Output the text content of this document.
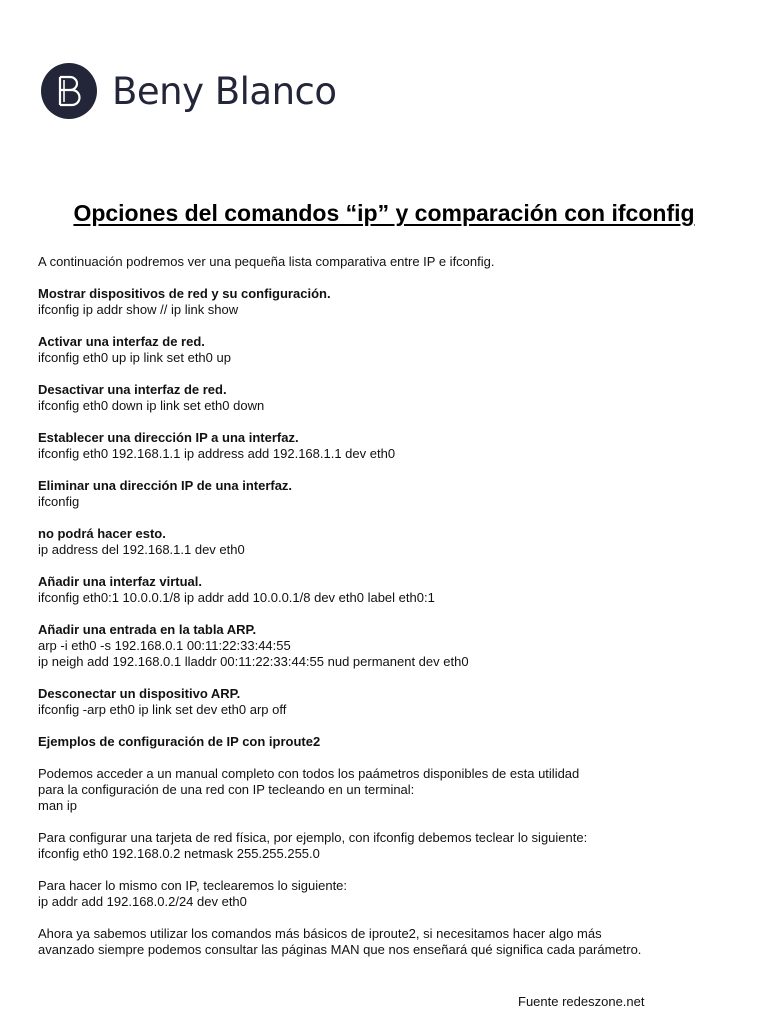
Beny Blanco
Opciones del comandos “ip” y comparación con ifconfig

A continuación podremos ver una pequeña lista comparativa entre IP e ifconfig.

Mostrar dispositivos de red y su configuración.
ifconfig ip addr show // ip link show
Activar una interfaz de red.
ifconfig eth0 up ip link set eth0 up
Desactivar una interfaz de red.
ifconfig eth0 down ip link set eth0 down
Establecer una dirección IP a una interfaz.
ifconfig eth0 192.168.1.1 ip address add 192.168.1.1 dev eth0
Eliminar una dirección IP de una interfaz.
ifconfig
no podrá hacer esto.
ip address del 192.168.1.1 dev eth0
Añadir una interfaz virtual.
ifconfig eth0:1 10.0.0.1/8 ip addr add 10.0.0.1/8 dev eth0 label eth0:1
Añadir una entrada en la tabla ARP.
arp -i eth0 -s 192.168.0.1 00:11:22:33:44:55
ip neigh add 192.168.0.1 lladdr 00:11:22:33:44:55 nud permanent dev eth0
Desconectar un dispositivo ARP.
ifconfig -arp eth0 ip link set dev eth0 arp off
Ejemplos de configuración de IP con iproute2

Podemos acceder a un manual completo con todos los paámetros disponibles de esta utilidad
para la configuración de una red con IP tecleando en un terminal:
man ip

Para configurar una tarjeta de red física, por ejemplo, con ifconfig debemos teclear lo siguiente:
ifconfig eth0 192.168.0.2 netmask 255.255.255.0

Para hacer lo mismo con IP, teclearemos lo siguiente:
ip addr add 192.168.0.2/24 dev eth0

Ahora ya sabemos utilizar los comandos más básicos de iproute2, si necesitamos hacer algo más
avanzado siempre podemos consultar las páginas MAN que nos enseñará qué significa cada parámetro.

Fuente redeszone.net
